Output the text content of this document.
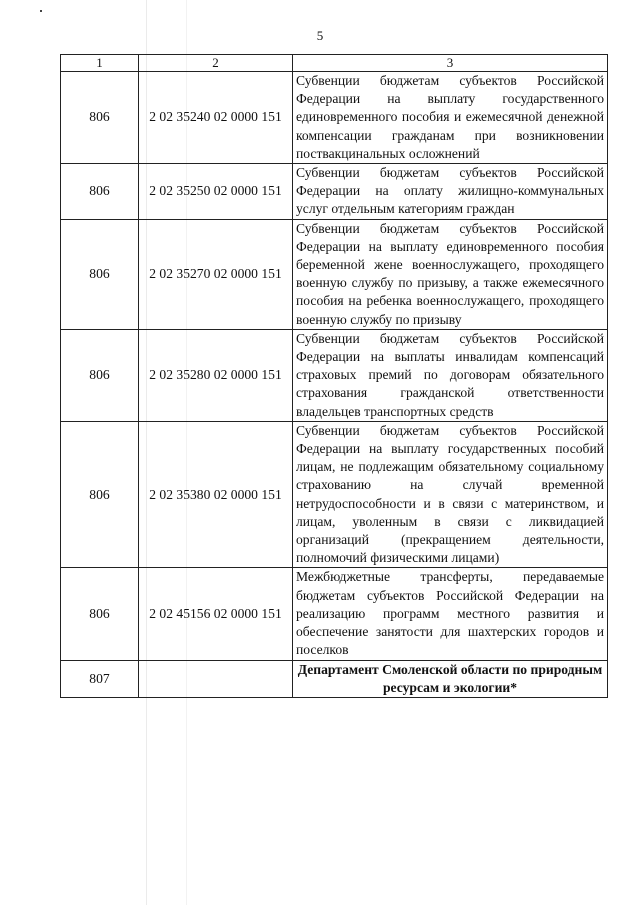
5
1	2	3
806	2 02 35240 02 0000 151	Субвенции бюджетам субъектов Российской Федерации на выплату государственного единовременного пособия и ежемесячной денежной компенсации гражданам при возникновении поствакцинальных осложнений
806	2 02 35250 02 0000 151	Субвенции бюджетам субъектов Российской Федерации на оплату жилищно-коммунальных услуг отдельным категориям граждан
806	2 02 35270 02 0000 151	Субвенции бюджетам субъектов Российской Федерации на выплату единовременного пособия беременной жене военнослужащего, проходящего военную службу по призыву, а также ежемесячного пособия на ребенка военнослужащего, проходящего военную службу по призыву
806	2 02 35280 02 0000 151	Субвенции бюджетам субъектов Российской Федерации на выплаты инвалидам компенсаций страховых премий по договорам обязательного страхования гражданской ответственности владельцев транспортных средств
806	2 02 35380 02 0000 151	Субвенции бюджетам субъектов Российской Федерации на выплату государственных пособий лицам, не подлежащим обязательному социальному страхованию на случай временной нетрудоспособности и в связи с материнством, и лицам, уволенным в связи с ликвидацией организаций (прекращением деятельности, полномочий физическими лицами)
806	2 02 45156 02 0000 151	Межбюджетные трансферты, передаваемые бюджетам субъектов Российской Федерации на реализацию программ местного развития и обеспечение занятости для шахтерских городов и поселков
807		Департамент Смоленской области по природным ресурсам и экологии*
